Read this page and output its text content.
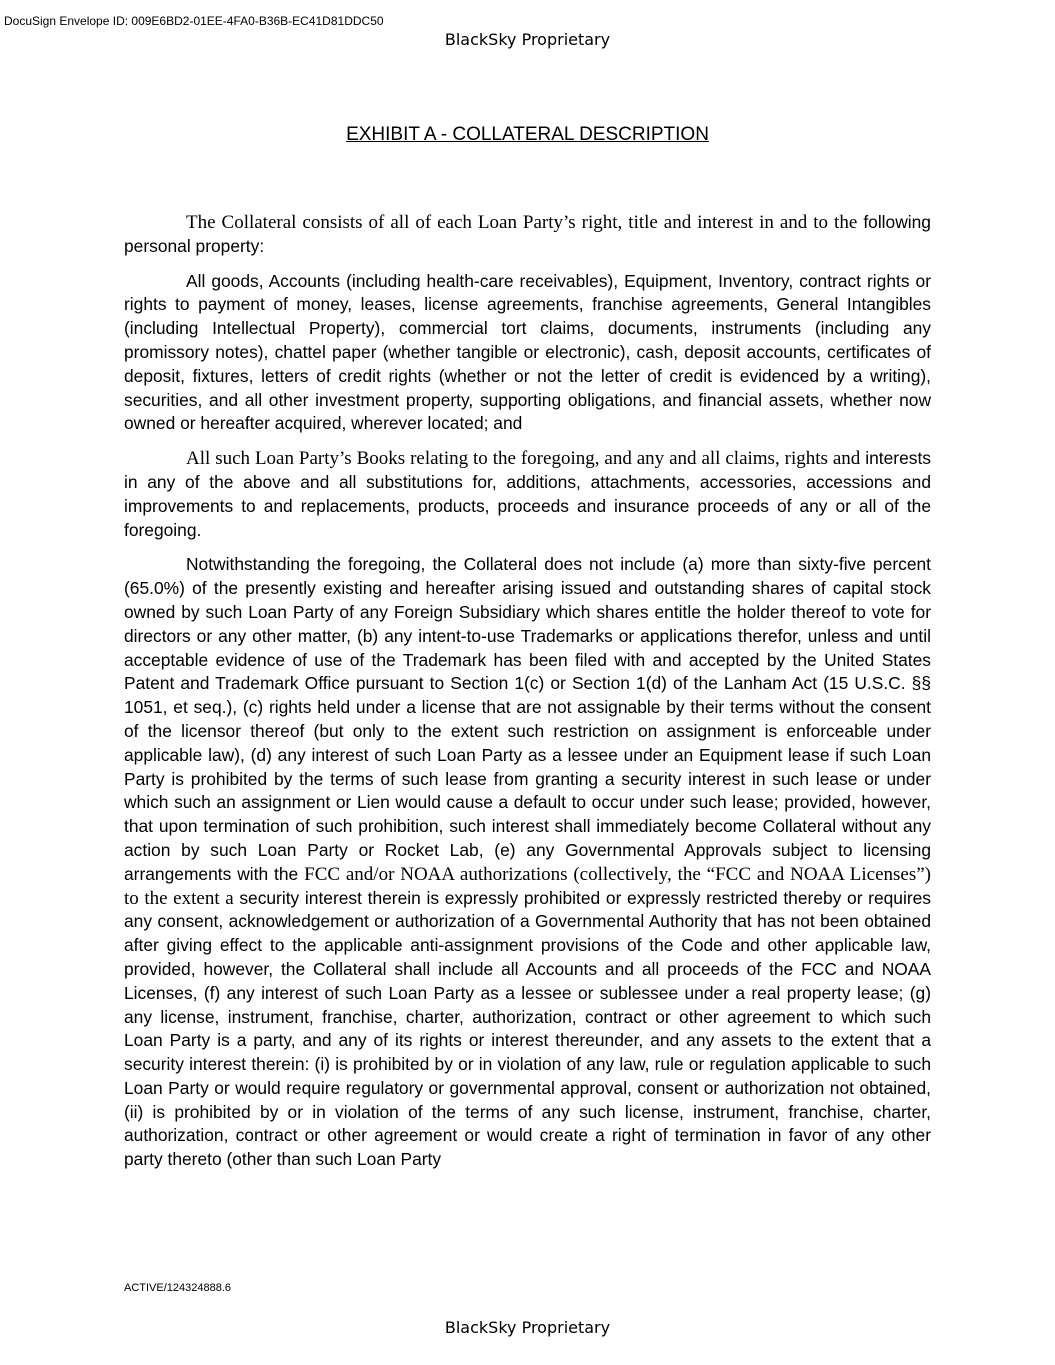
DocuSign Envelope ID: 009E6BD2-01EE-4FA0-B36B-EC41D81DDC50
BlackSky Proprietary
EXHIBIT A - COLLATERAL DESCRIPTION

The Collateral consists of all of each Loan Party’s right, title and interest in and to the following personal property:

All goods, Accounts (including health-care receivables), Equipment, Inventory, contract rights or rights to payment of money, leases, license agreements, franchise agreements, General Intangibles (including Intellectual Property), commercial tort claims, documents, instruments (including any promissory notes), chattel paper (whether tangible or electronic), cash, deposit accounts, certificates of deposit, fixtures, letters of credit rights (whether or not the letter of credit is evidenced by a writing), securities, and all other investment property, supporting obligations, and financial assets, whether now owned or hereafter acquired, wherever located; and

All such Loan Party’s Books relating to the foregoing, and any and all claims, rights and interests in any of the above and all substitutions for, additions, attachments, accessories, accessions and improvements to and replacements, products, proceeds and insurance proceeds of any or all of the foregoing.

Notwithstanding the foregoing, the Collateral does not include (a) more than sixty-five percent (65.0%) of the presently existing and hereafter arising issued and outstanding shares of capital stock owned by such Loan Party of any Foreign Subsidiary which shares entitle the holder thereof to vote for directors or any other matter, (b) any intent-to-use Trademarks or applications therefor, unless and until acceptable evidence of use of the Trademark has been filed with and accepted by the United States Patent and Trademark Office pursuant to Section 1(c) or Section 1(d) of the Lanham Act (15 U.S.C. §§ 1051, et seq.), (c) rights held under a license that are not assignable by their terms without the consent of the licensor thereof (but only to the extent such restriction on assignment is enforceable under applicable law), (d) any interest of such Loan Party as a lessee under an Equipment lease if such Loan Party is prohibited by the terms of such lease from granting a security interest in such lease or under which such an assignment or Lien would cause a default to occur under such lease; provided, however, that upon termination of such prohibition, such interest shall immediately become Collateral without any action by such Loan Party or Rocket Lab, (e) any Governmental Approvals subject to licensing arrangements with the FCC and/or NOAA authorizations (collectively, the “FCC and NOAA Licenses”) to the extent a security interest therein is expressly prohibited or expressly restricted thereby or requires any consent, acknowledgement or authorization of a Governmental Authority that has not been obtained after giving effect to the applicable anti-assignment provisions of the Code and other applicable law, provided, however, the Collateral shall include all Accounts and all proceeds of the FCC and NOAA Licenses, (f) any interest of such Loan Party as a lessee or sublessee under a real property lease; (g) any license, instrument, franchise, charter, authorization, contract or other agreement to which such Loan Party is a party, and any of its rights or interest thereunder, and any assets to the extent that a security interest therein: (i) is prohibited by or in violation of any law, rule or regulation applicable to such Loan Party or would require regulatory or governmental approval, consent or authorization not obtained, (ii) is prohibited by or in violation of the terms of any such license, instrument, franchise, charter, authorization, contract or other agreement or would create a right of termination in favor of any other party thereto (other than such Loan Party

ACTIVE/124324888.6
BlackSky Proprietary
